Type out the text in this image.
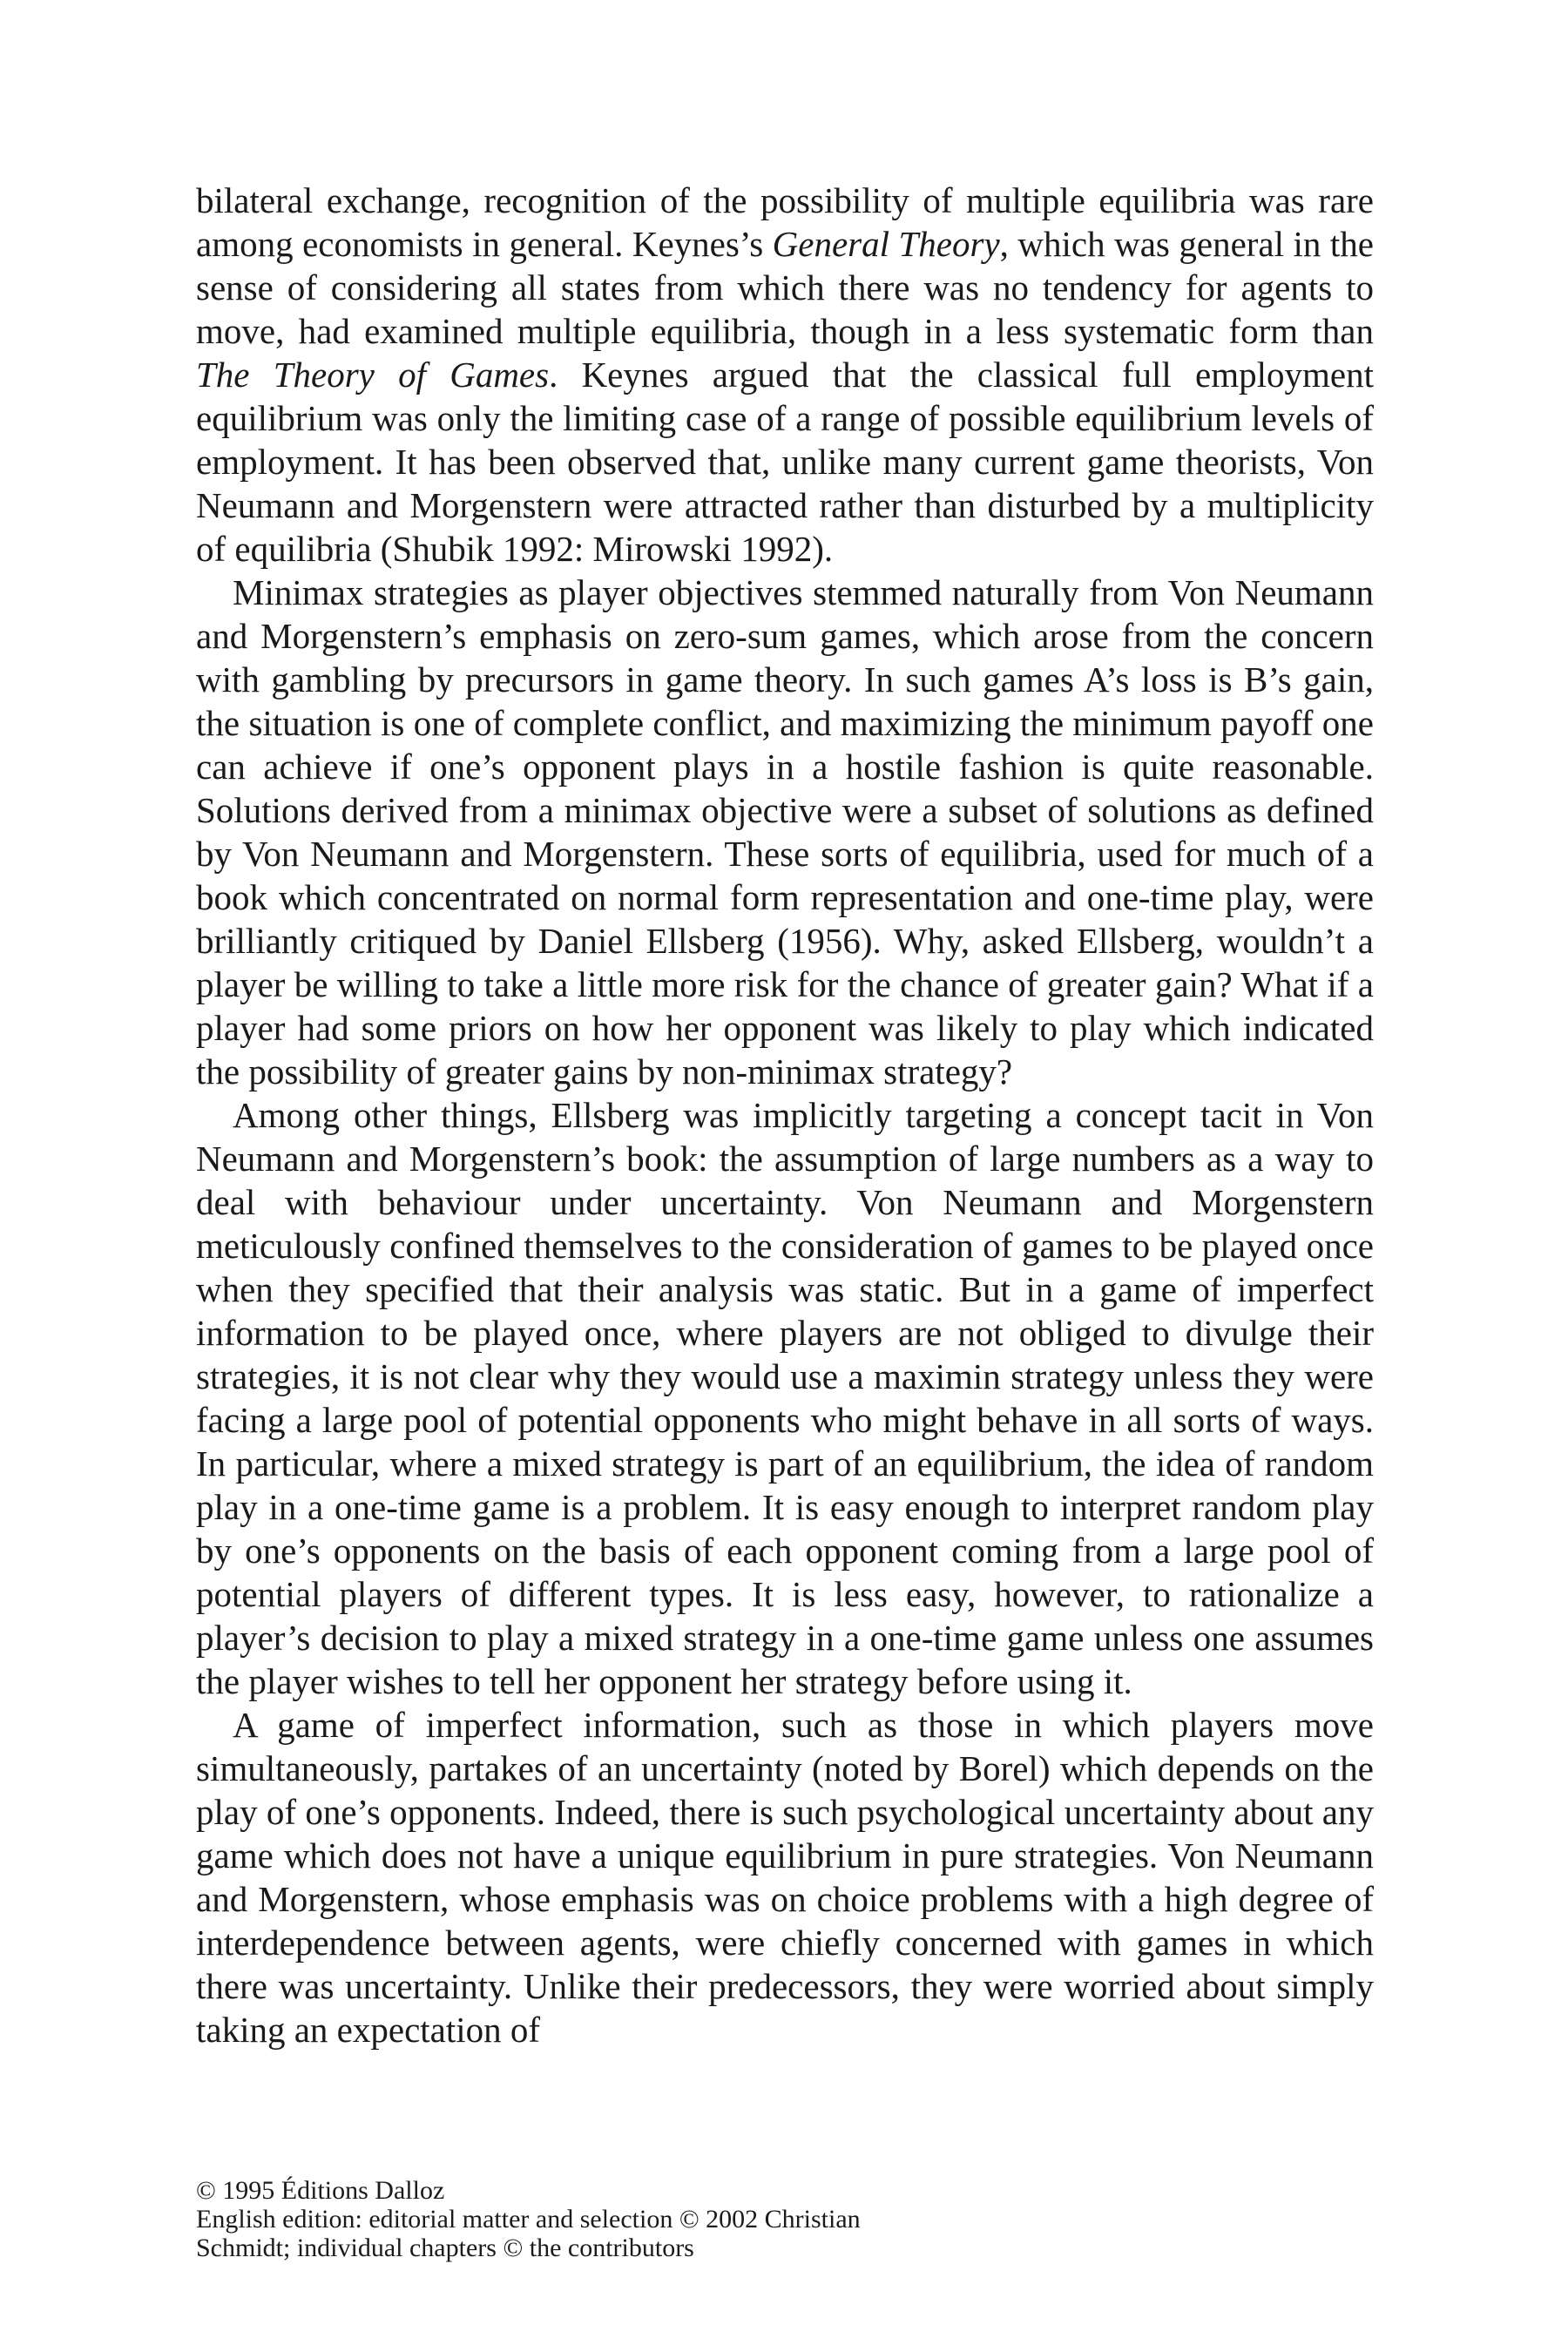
bilateral exchange, recognition of the possibility of multiple equilibria was rare among economists in general. Keynes’s General Theory, which was general in the sense of considering all states from which there was no tendency for agents to move, had examined multiple equilibria, though in a less systematic form than The Theory of Games. Keynes argued that the classical full employment equilibrium was only the limiting case of a range of possible equilibrium levels of employment. It has been observed that, unlike many current game theorists, Von Neumann and Morgenstern were attracted rather than disturbed by a multiplicity of equilibria (Shubik 1992: Mirowski 1992).

Minimax strategies as player objectives stemmed naturally from Von Neumann and Morgenstern’s emphasis on zero-sum games, which arose from the concern with gambling by precursors in game theory. In such games A’s loss is B’s gain, the situation is one of complete conflict, and maximizing the minimum payoff one can achieve if one’s opponent plays in a hostile fashion is quite reasonable. Solutions derived from a minimax objective were a subset of solutions as defined by Von Neumann and Morgenstern. These sorts of equilibria, used for much of a book which concentrated on normal form representation and one-time play, were brilliantly critiqued by Daniel Ellsberg (1956). Why, asked Ellsberg, wouldn’t a player be willing to take a little more risk for the chance of greater gain? What if a player had some priors on how her opponent was likely to play which indicated the possibility of greater gains by non-minimax strategy?

Among other things, Ellsberg was implicitly targeting a concept tacit in Von Neumann and Morgenstern’s book: the assumption of large numbers as a way to deal with behaviour under uncertainty. Von Neumann and Morgenstern meticulously confined themselves to the consideration of games to be played once when they specified that their analysis was static. But in a game of imperfect information to be played once, where players are not obliged to divulge their strategies, it is not clear why they would use a maximin strategy unless they were facing a large pool of potential opponents who might behave in all sorts of ways. In particular, where a mixed strategy is part of an equilibrium, the idea of random play in a one-time game is a problem. It is easy enough to interpret random play by one’s opponents on the basis of each opponent coming from a large pool of potential players of different types. It is less easy, however, to rationalize a player’s decision to play a mixed strategy in a one-time game unless one assumes the player wishes to tell her opponent her strategy before using it.

A game of imperfect information, such as those in which players move simultaneously, partakes of an uncertainty (noted by Borel) which depends on the play of one’s opponents. Indeed, there is such psychological uncertainty about any game which does not have a unique equilibrium in pure strategies. Von Neumann and Morgenstern, whose emphasis was on choice problems with a high degree of interdependence between agents, were chiefly concerned with games in which there was uncertainty. Unlike their predecessors, they were worried about simply taking an expectation of

© 1995 Éditions Dalloz
English edition: editorial matter and selection © 2002 Christian
Schmidt; individual chapters © the contributors
